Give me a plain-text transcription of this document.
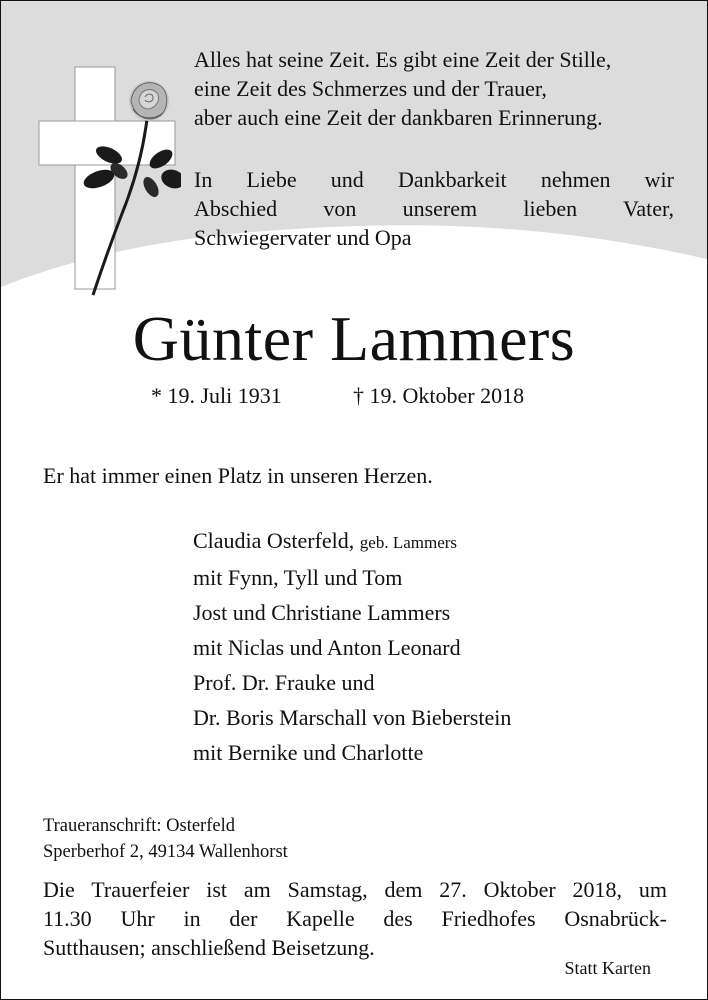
Alles hat seine Zeit. Es gibt eine Zeit der Stille,
eine Zeit des Schmerzes und der Trauer,
aber auch eine Zeit der dankbaren Erinnerung.
In Liebe und Dankbarkeit nehmen wir
Abschied von unserem lieben Vater,
Schwiegervater und Opa
Günter Lammers
* 19. Juli 1931	† 19. Oktober 2018
Er hat immer einen Platz in unseren Herzen.
Claudia Osterfeld, geb. Lammers
mit Fynn, Tyll und Tom
Jost und Christiane Lammers
mit Niclas und Anton Leonard
Prof. Dr. Frauke und
Dr. Boris Marschall von Bieberstein
mit Bernike und Charlotte
Traueranschrift: Osterfeld
Sperberhof 2, 49134 Wallenhorst
Die Trauerfeier ist am Samstag, dem 27. Oktober 2018, um
11.30 Uhr in der Kapelle des Friedhofes Osnabrück-
Sutthausen; anschließend Beisetzung.
Statt Karten
